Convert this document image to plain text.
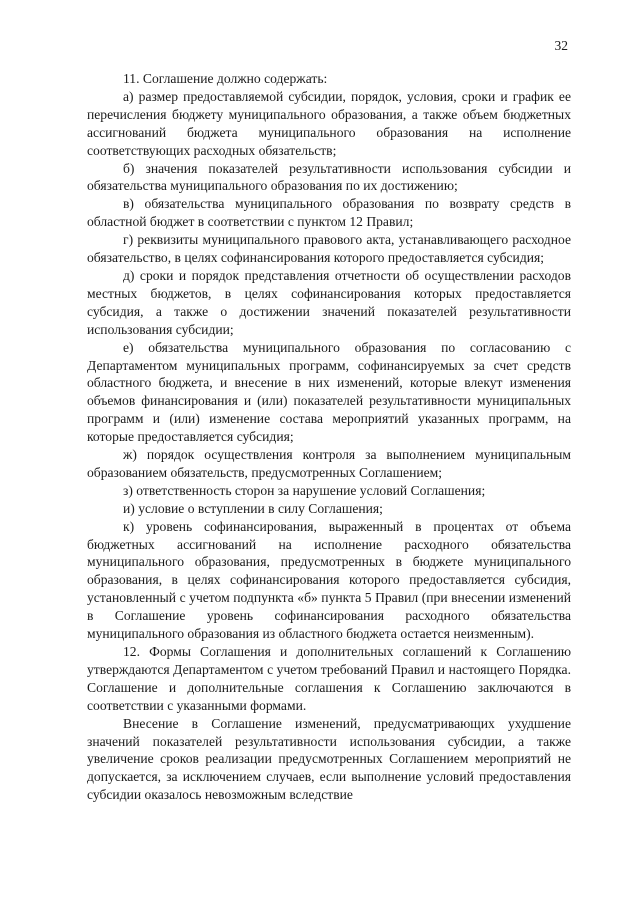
32

11. Соглашение должно содержать:

а) размер предоставляемой субсидии, порядок, условия, сроки и график ее перечисления бюджету муниципального образования, а также объем бюджетных ассигнований бюджета муниципального образования на исполнение соответствующих расходных обязательств;

б) значения показателей результативности использования субсидии и обязательства муниципального образования по их достижению;

в) обязательства муниципального образования по возврату средств в областной бюджет в соответствии с пунктом 12 Правил;

г) реквизиты муниципального правового акта, устанавливающего расходное обязательство, в целях софинансирования которого предоставляется субсидия;

д) сроки и порядок представления отчетности об осуществлении расходов местных бюджетов, в целях софинансирования которых предоставляется субсидия, а также о достижении значений показателей результативности использования субсидии;

е) обязательства муниципального образования по согласованию с Департаментом муниципальных программ, софинансируемых за счет средств областного бюджета, и внесение в них изменений, которые влекут изменения объемов финансирования и (или) показателей результативности муниципальных программ и (или) изменение состава мероприятий указанных программ, на которые предоставляется субсидия;

ж) порядок осуществления контроля за выполнением муниципальным образованием обязательств, предусмотренных Соглашением;

з) ответственность сторон за нарушение условий Соглашения;

и) условие о вступлении в силу Соглашения;

к) уровень софинансирования, выраженный в процентах от объема бюджетных ассигнований на исполнение расходного обязательства муниципального образования, предусмотренных в бюджете муниципального образования, в целях софинансирования которого предоставляется субсидия, установленный с учетом подпункта «б» пункта 5 Правил (при внесении изменений в Соглашение уровень софинансирования расходного обязательства муниципального образования из областного бюджета остается неизменным).

12. Формы Соглашения и дополнительных соглашений к Соглашению утверждаются Департаментом с учетом требований Правил и настоящего Порядка. Соглашение и дополнительные соглашения к Соглашению заключаются в соответствии с указанными формами.

Внесение в Соглашение изменений, предусматривающих ухудшение значений показателей результативности использования субсидии, а также увеличение сроков реализации предусмотренных Соглашением мероприятий не допускается, за исключением случаев, если выполнение условий предоставления субсидии оказалось невозможным вследствие
